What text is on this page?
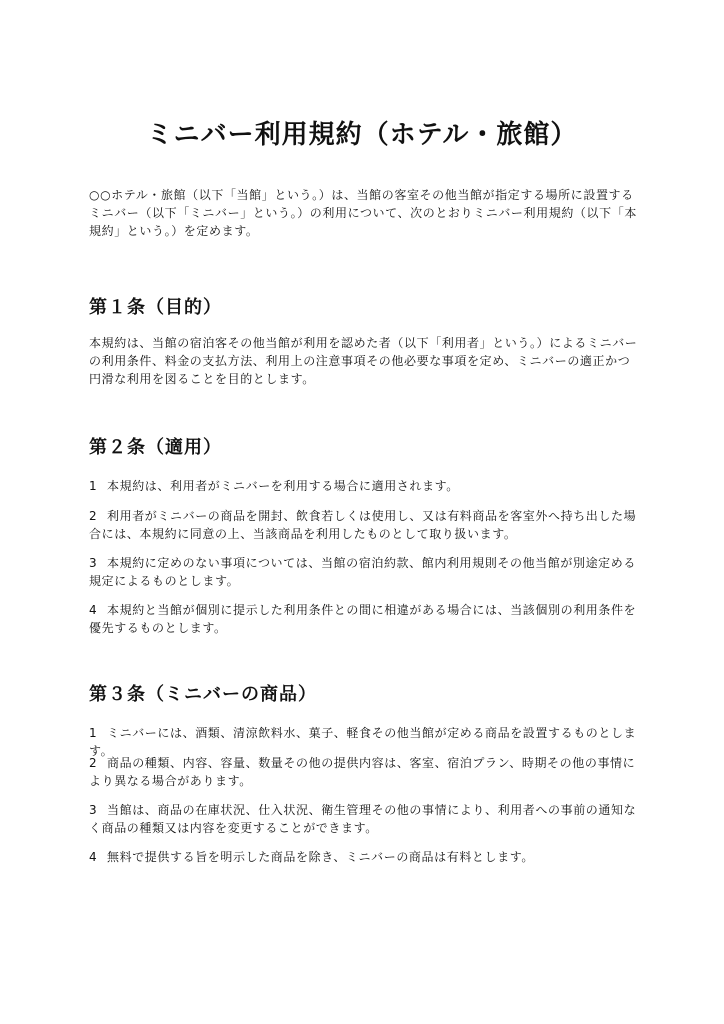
ミニバー利用規約（ホテル・旅館）

○○ホテル・旅館（以下「当館」という。）は、当館の客室その他当館が指定する場所に設置するミニバー（以下「ミニバー」という。）の利用について、次のとおりミニバー利用規約（以下「本規約」という。）を定めます。

第１条（目的）

本規約は、当館の宿泊客その他当館が利用を認めた者（以下「利用者」という。）によるミニバーの利用条件、料金の支払方法、利用上の注意事項その他必要な事項を定め、ミニバーの適正かつ円滑な利用を図ることを目的とします。

第２条（適用）

1 本規約は、利用者がミニバーを利用する場合に適用されます。

2 利用者がミニバーの商品を開封、飲食若しくは使用し、又は有料商品を客室外へ持ち出した場合には、本規約に同意の上、当該商品を利用したものとして取り扱います。

3 本規約に定めのない事項については、当館の宿泊約款、館内利用規則その他当館が別途定める規定によるものとします。

4 本規約と当館が個別に提示した利用条件との間に相違がある場合には、当該個別の利用条件を優先するものとします。

第３条（ミニバーの商品）

1 ミニバーには、酒類、清涼飲料水、菓子、軽食その他当館が定める商品を設置するものとします。

2 商品の種類、内容、容量、数量その他の提供内容は、客室、宿泊プラン、時期その他の事情により異なる場合があります。

3 当館は、商品の在庫状況、仕入状況、衛生管理その他の事情により、利用者への事前の通知なく商品の種類又は内容を変更することができます。

4 無料で提供する旨を明示した商品を除き、ミニバーの商品は有料とします。
